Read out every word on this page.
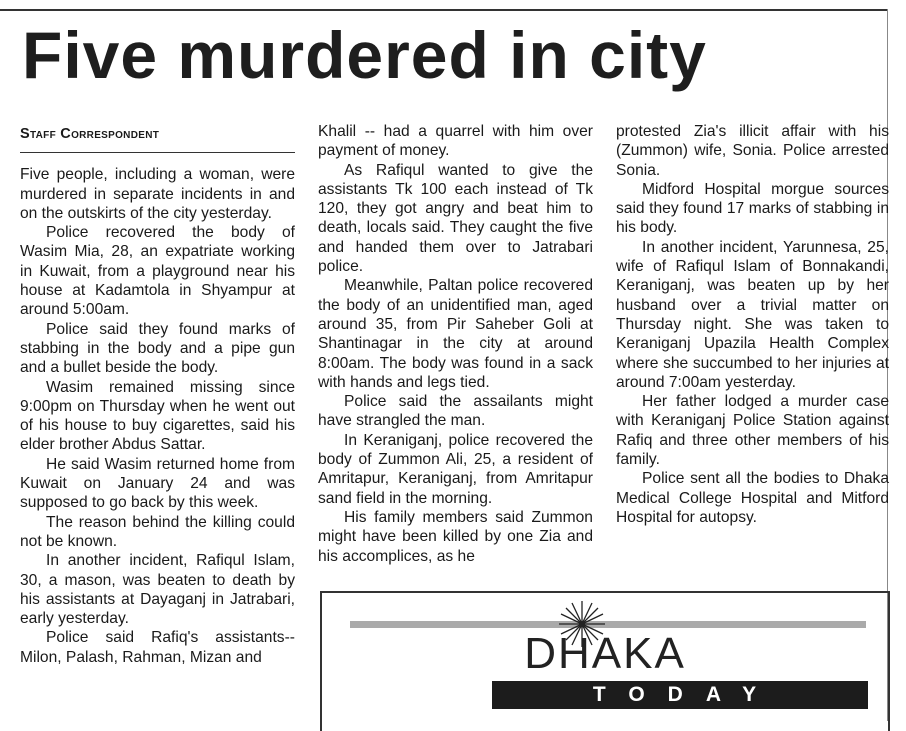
Five murdered in city
Staff Correspondent

Five people, including a woman, were murdered in separate incidents in and on the outskirts of the city yesterday.

Police recovered the body of Wasim Mia, 28, an expatriate working in Kuwait, from a playground near his house at Kadamtola in Shyampur at around 5:00am.

Police said they found marks of stabbing in the body and a pipe gun and a bullet beside the body.

Wasim remained missing since 9:00pm on Thursday when he went out of his house to buy cigarettes, said his elder brother Abdus Sattar.

He said Wasim returned home from Kuwait on January 24 and was supposed to go back by this week.

The reason behind the killing could not be known.

In another incident, Rafiqul Islam, 30, a mason, was beaten to death by his assistants at Dayaganj in Jatrabari, early yesterday.

Police said Rafiq's assistants-- Milon, Palash, Rahman, Mizan and

Khalil -- had a quarrel with him over payment of money.

As Rafiqul wanted to give the assistants Tk 100 each instead of Tk 120, they got angry and beat him to death, locals said. They caught the five and handed them over to Jatrabari police.

Meanwhile, Paltan police recovered the body of an unidentified man, aged around 35, from Pir Saheber Goli at Shantinagar in the city at around 8:00am. The body was found in a sack with hands and legs tied.

Police said the assailants might have strangled the man.

In Keraniganj, police recovered the body of Zummon Ali, 25, a resident of Amritapur, Keraniganj, from Amritapur sand field in the morning.

His family members said Zummon might have been killed by one Zia and his accomplices, as he

protested Zia's illicit affair with his (Zummon) wife, Sonia. Police arrested Sonia.

Midford Hospital morgue sources said they found 17 marks of stabbing in his body.

In another incident, Yarunnesa, 25, wife of Rafiqul Islam of Bonnakandi, Keraniganj, was beaten up by her husband over a trivial matter on Thursday night. She was taken to Keraniganj Upazila Health Complex where she succumbed to her injuries at around 7:00am yesterday.

Her father lodged a murder case with Keraniganj Police Station against Rafiq and three other members of his family.

Police sent all the bodies to Dhaka Medical College Hospital and Mitford Hospital for autopsy.

DHAKA
TODAY
